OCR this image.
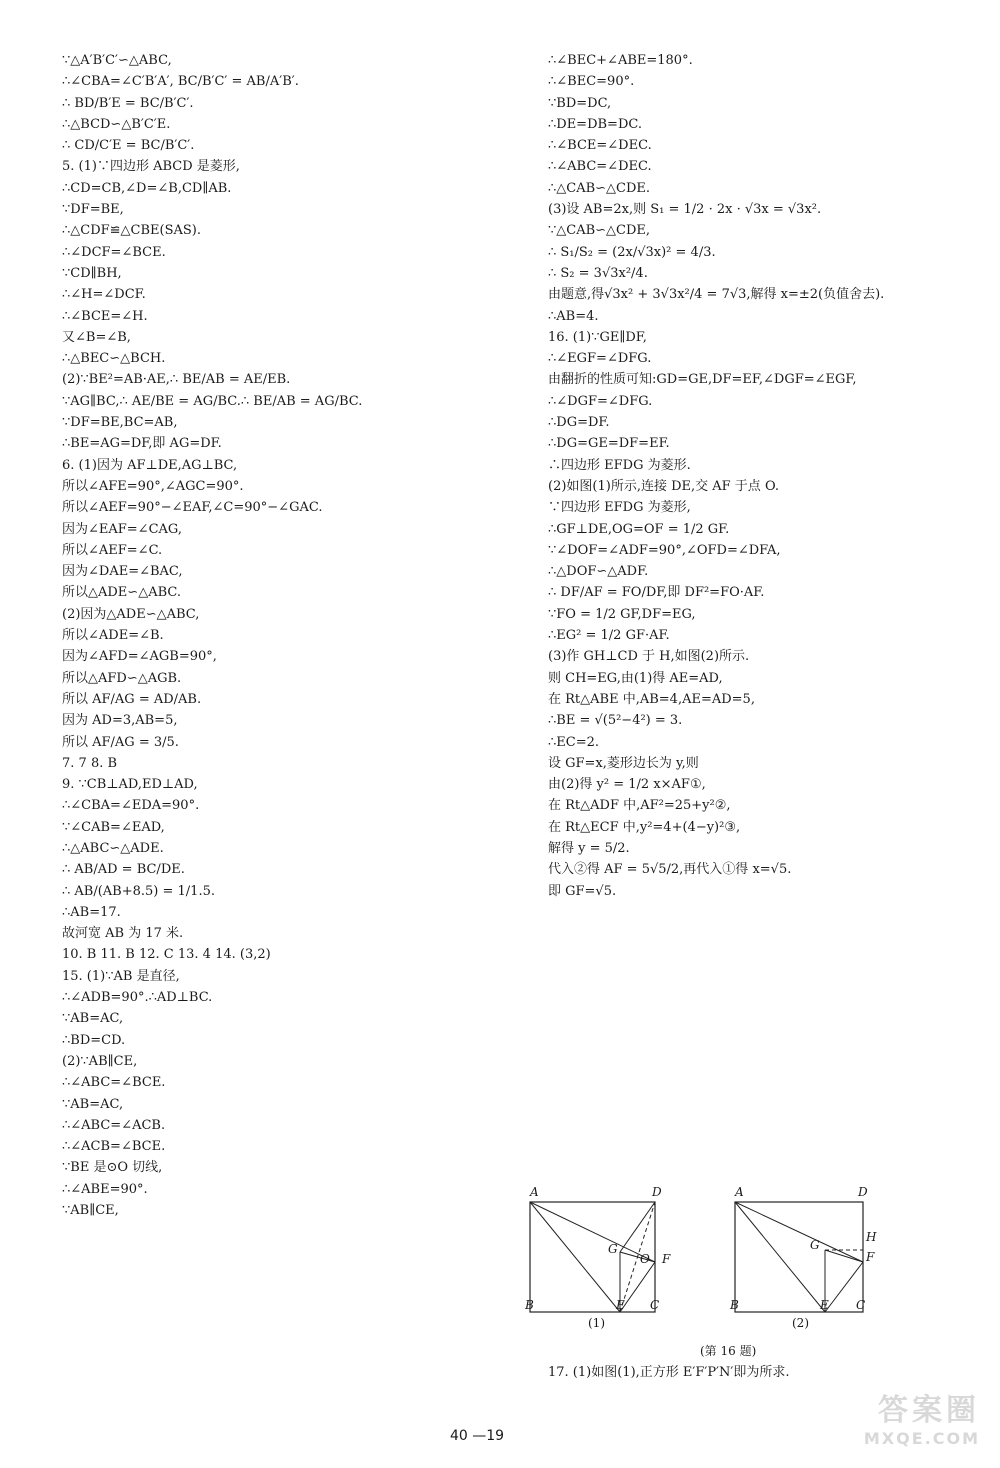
∵△A′B′C′∽△ABC,
∴∠CBA=∠C′B′A′, BC/B′C′ = AB/A′B′.
∴ BD/B′E = BC/B′C′.
∴△BCD∽△B′C′E.
∴ CD/C′E = BC/B′C′.
5. (1)∵四边形 ABCD 是菱形,
∴CD=CB,∠D=∠B,CD∥AB.
∵DF=BE,
∴△CDF≌△CBE(SAS).
∴∠DCF=∠BCE.
∵CD∥BH,
∴∠H=∠DCF.
∴∠BCE=∠H.
又∠B=∠B,
∴△BEC∽△BCH.
(2)∵BE²=AB·AE,∴ BE/AB = AE/EB.
∵AG∥BC,∴ AE/BE = AG/BC.∴ BE/AB = AG/BC.
∵DF=BE,BC=AB,
∴BE=AG=DF,即 AG=DF.
6. (1)因为 AF⊥DE,AG⊥BC,
所以∠AFE=90°,∠AGC=90°.
所以∠AEF=90°−∠EAF,∠C=90°−∠GAC.
因为∠EAF=∠CAG,
所以∠AEF=∠C.
因为∠DAE=∠BAC,
所以△ADE∽△ABC.
(2)因为△ADE∽△ABC,
所以∠ADE=∠B.
因为∠AFD=∠AGB=90°,
所以△AFD∽△AGB.
所以 AF/AG = AD/AB.
因为 AD=3,AB=5,
所以 AF/AG = 3/5.
7. 7 8. B
9. ∵CB⊥AD,ED⊥AD,
∴∠CBA=∠EDA=90°.
∵∠CAB=∠EAD,
∴△ABC∽△ADE.
∴ AB/AD = BC/DE.
∴ AB/(AB+8.5) = 1/1.5.
∴AB=17.
故河宽 AB 为 17 米.
10. B 11. B 12. C 13. 4 14. (3,2)
15. (1)∵AB 是直径,
∴∠ADB=90°.∴AD⊥BC.
∵AB=AC,
∴BD=CD.
(2)∵AB∥CE,
∴∠ABC=∠BCE.
∵AB=AC,
∴∠ABC=∠ACB.
∴∠ACB=∠BCE.
∵BE 是⊙O 切线,
∴∠ABE=90°.
∵AB∥CE,
∴∠BEC+∠ABE=180°.
∴∠BEC=90°.
∵BD=DC,
∴DE=DB=DC.
∴∠BCE=∠DEC.
∴∠ABC=∠DEC.
∴△CAB∽△CDE.
(3)设 AB=2x,则 S₁ = 1/2 · 2x · √3x = √3x².
∵△CAB∽△CDE,
∴ S₁/S₂ = (2x/√3x)² = 4/3.
∴ S₂ = 3√3x²/4.
由题意,得√3x² + 3√3x²/4 = 7√3,解得 x=±2(负值舍去).
∴AB=4.
16. (1)∵GE∥DF,
∴∠EGF=∠DFG.
由翻折的性质可知:GD=GE,DF=EF,∠DGF=∠EGF,
∴∠DGF=∠DFG.
∴DG=DF.
∴DG=GE=DF=EF.
∴四边形 EFDG 为菱形.
(2)如图(1)所示,连接 DE,交 AF 于点 O.
∵四边形 EFDG 为菱形,
∴GF⊥DE,OG=OF = 1/2 GF.
∵∠DOF=∠ADF=90°,∠OFD=∠DFA,
∴△DOF∽△ADF.
∴ DF/AF = FO/DF,即 DF²=FO·AF.
∵FO = 1/2 GF,DF=EG,
∴EG² = 1/2 GF·AF.
(3)作 GH⊥CD 于 H,如图(2)所示.
则 CH=EG,由(1)得 AE=AD,
在 Rt△ABE 中,AB=4,AE=AD=5,
∴BE = √(5²−4²) = 3.
∴EC=2.
设 GF=x,菱形边长为 y,则
由(2)得 y² = 1/2 x×AF①,
在 Rt△ADF 中,AF²=25+y²②,
在 Rt△ECF 中,y²=4+(4−y)²③,
解得 y = 5/2.
代入②得 AF = 5√5/2,再代入①得 x=√5.
即 GF=√5.
17. (1)如图(1),正方形 E′F′P′N′即为所求.
A	D
G
O F
B	E C
(1)
A	D
H
G
F
B	E C
(2)
(第 16 题)
40 —19
答案圈
MXQE.COM
